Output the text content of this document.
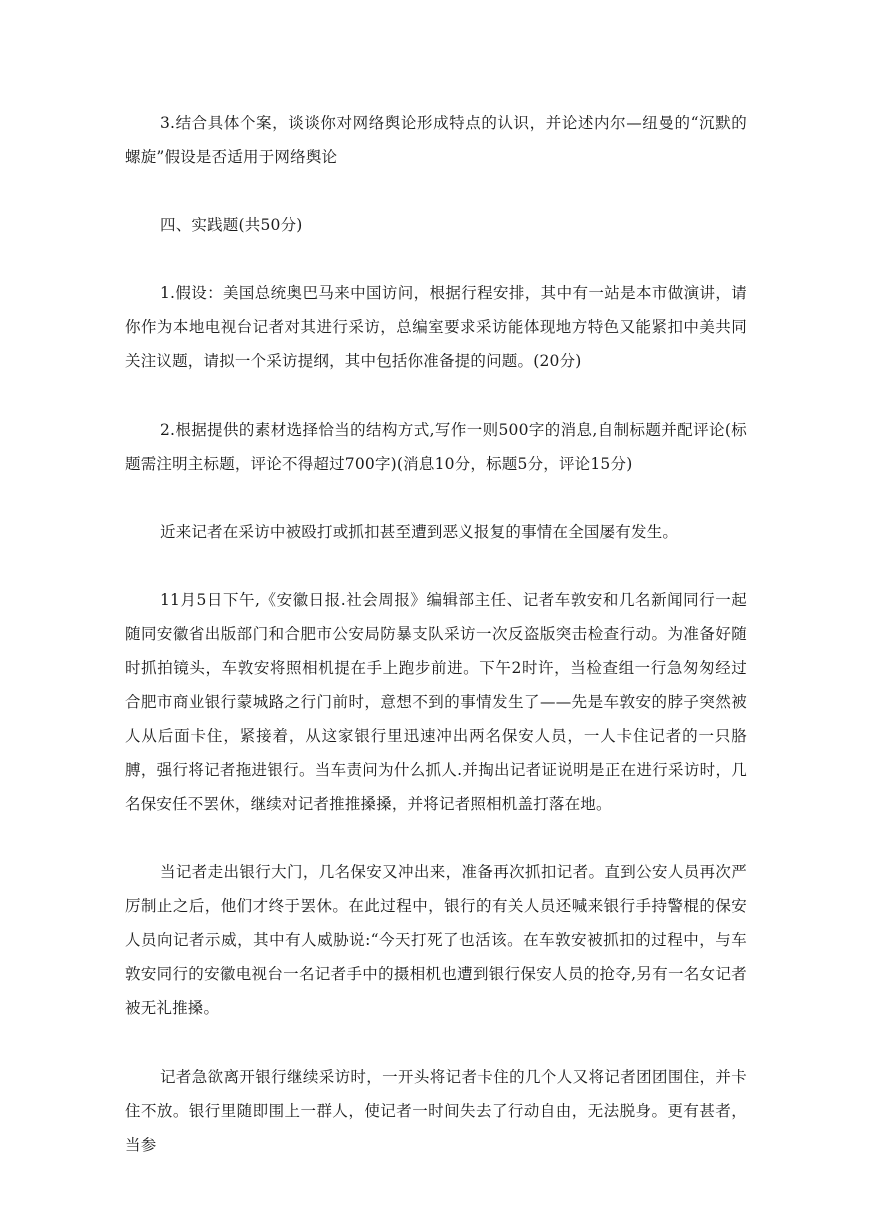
3.结合具体个案，谈谈你对网络舆论形成特点的认识，并论述内尔—纽曼的“沉默的螺旋”假设是否适用于网络舆论

四、实践题(共50分)

1.假设：美国总统奥巴马来中国访问，根据行程安排，其中有一站是本市做演讲，请你作为本地电视台记者对其进行采访，总编室要求采访能体现地方特色又能紧扣中美共同关注议题，请拟一个采访提纲，其中包括你准备提的问题。(20分)

2.根据提供的素材选择恰当的结构方式,写作一则500字的消息,自制标题并配评论(标题需注明主标题，评论不得超过700字)(消息10分，标题5分，评论15分)

近来记者在采访中被殴打或抓扣甚至遭到恶义报复的事情在全国屡有发生。

11月5日下午,《安徽日报.社会周报》编辑部主任、记者车敦安和几名新闻同行一起随同安徽省出版部门和合肥市公安局防暴支队采访一次反盗版突击检查行动。为准备好随时抓拍镜头，车敦安将照相机提在手上跑步前进。下午2时许，当检查组一行急匆匆经过合肥市商业银行蒙城路之行门前时，意想不到的事情发生了——先是车敦安的脖子突然被人从后面卡住，紧接着，从这家银行里迅速冲出两名保安人员，一人卡住记者的一只胳膊，强行将记者拖进银行。当车责问为什么抓人.并掏出记者证说明是正在进行采访时，几名保安任不罢休，继续对记者推推搡搡，并将记者照相机盖打落在地。

当记者走出银行大门，几名保安又冲出来，准备再次抓扣记者。直到公安人员再次严厉制止之后，他们才终于罢休。在此过程中，银行的有关人员还喊来银行手持警棍的保安人员向记者示威，其中有人威胁说:“今天打死了也活该。在车敦安被抓扣的过程中，与车敦安同行的安徽电视台一名记者手中的摄相机也遭到银行保安人员的抢夺,另有一名女记者被无礼推搡。

记者急欲离开银行继续采访时，一开头将记者卡住的几个人又将记者团团围住，并卡住不放。银行里随即围上一群人，使记者一时间失去了行动自由，无法脱身。更有甚者，当参
